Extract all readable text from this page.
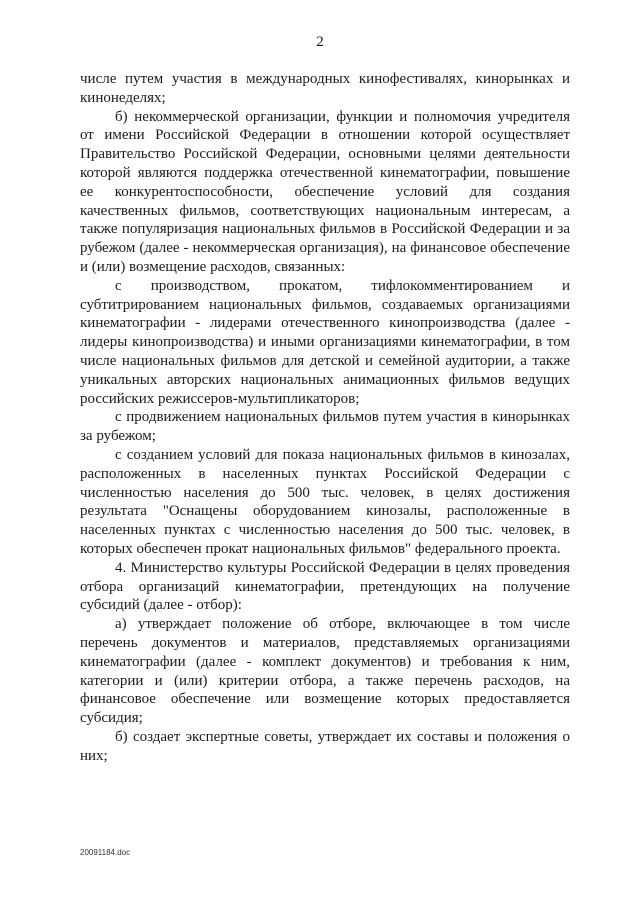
2

числе путем участия в международных кинофестивалях, кинорынках и кинонеделях;

б) некоммерческой организации, функции и полномочия учредителя от имени Российской Федерации в отношении которой осуществляет Правительство Российской Федерации, основными целями деятельности которой являются поддержка отечественной кинематографии, повышение ее конкурентоспособности, обеспечение условий для создания качественных фильмов, соответствующих национальным интересам, а также популяризация национальных фильмов в Российской Федерации и за рубежом (далее - некоммерческая организация), на финансовое обеспечение и (или) возмещение расходов, связанных:

с производством, прокатом, тифлокомментированием и субтитрированием национальных фильмов, создаваемых организациями кинематографии - лидерами отечественного кинопроизводства (далее - лидеры кинопроизводства) и иными организациями кинематографии, в том числе национальных фильмов для детской и семейной аудитории, а также уникальных авторских национальных анимационных фильмов ведущих российских режиссеров-мультипликаторов;

с продвижением национальных фильмов путем участия в кинорынках за рубежом;

с созданием условий для показа национальных фильмов в кинозалах, расположенных в населенных пунктах Российской Федерации с численностью населения до 500 тыс. человек, в целях достижения результата "Оснащены оборудованием кинозалы, расположенные в населенных пунктах с численностью населения до 500 тыс. человек, в которых обеспечен прокат национальных фильмов" федерального проекта.

4. Министерство культуры Российской Федерации в целях проведения отбора организаций кинематографии, претендующих на получение субсидий (далее - отбор):

а) утверждает положение об отборе, включающее в том числе перечень документов и материалов, представляемых организациями кинематографии (далее - комплект документов) и требования к ним, категории и (или) критерии отбора, а также перечень расходов, на финансовое обеспечение или возмещение которых предоставляется субсидия;

б) создает экспертные советы, утверждает их составы и положения о них;

20091184.doc
